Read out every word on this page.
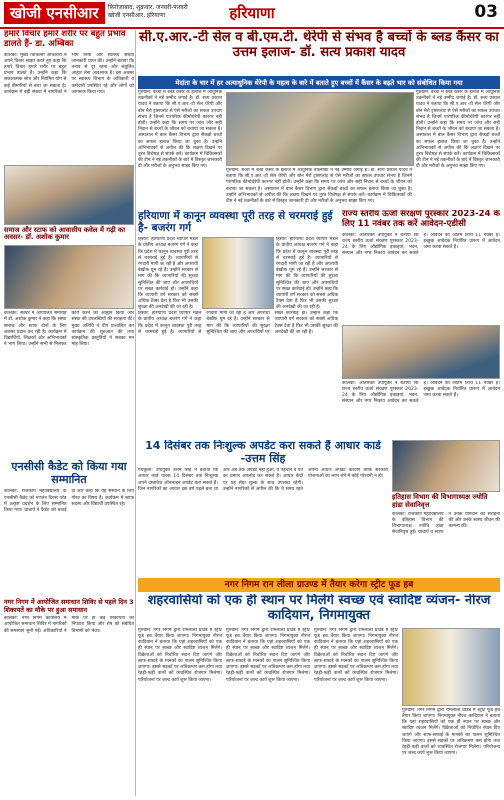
खोजी एनसीआर	फ़िरोज़ाबाद, शुक्रवार, जनवरी-फरवरी
खोजी एनसीआर, हरियाणा	हरियाणा	03
हमारे विचार हमारे शरीर पर बहुत प्रभाव डालते हैं- डा. अम्बिका

कालका: मुख्य चिकित्सा अधिकारी ने अपने विचार साझा करते हुए कहा कि हमारे विचार हमारे शरीर पर बहुत प्रभाव डालते हैं। उन्होंने कहा कि सकारात्मक सोच और नियमित योग से कई बीमारियों से बचा जा सकता है। कार्यक्रम में बड़ी संख्या में नागरिकों ने भाग लिया और स्वास्थ्य संबंधी जानकारी प्राप्त की। उन्होंने बताया कि तनाव से दूर रहना और संतुलित आहार लेना आवश्यक है। इस अवसर पर स्वास्थ्य विभाग के अधिकारी व कर्मचारी उपस्थित रहे और लोगों को जागरूक किया गया।

समाज और स्टाफ को आवासीय कवेल में गढ़ी का अवसर- डॉ. अशोक कुमार

कालका: सेक्टर में आयोजित समारोह में डॉ. अशोक कुमार ने कहा कि संस्था समाज और स्टाफ दोनों के लिए अवसर प्रदान कर रही है। कार्यक्रम में विद्यार्थियों, शिक्षकों और अभिभावकों ने भाग लिया। उन्होंने सभी से मिलकर कार्य करने का आह्वान किया और संस्था की उपलब्धियों की सराहना की। मुख्य अतिथि ने दीप प्रज्वलित कर कार्यक्रम की शुरुआत की तथा सांस्कृतिक प्रस्तुतियों ने सबका मन मोह लिया।

एनसीसी कैडेट को किया गया सम्मानित

कालका: राजकीय महाविद्यालय के एनसीसी कैडेट को गणतंत्र दिवस परेड में उत्कृष्ट प्रदर्शन के लिए सम्मानित किया गया। प्राचार्य ने कैडेट को बधाई दी और कहा कि यह संस्थान के लिए गौरव का विषय है। कार्यक्रम में स्टाफ सदस्य और विद्यार्थी उपस्थित रहे।

नगर निगम में आयोजित समाधान शिविर से पहले दिन 3 शिकायतें का मौके पर हुआ समाधान

कालका: नगर निगम कार्यालय में आयोजित समाधान शिविर में नागरिकों की समस्याएं सुनी गईं। अधिकारियों ने मौके पर ही कई शिकायतों का निपटारा किया और शेष को संबंधित विभागों को भेजा।

सी.ए.आर.-टी सेल व बी.एम.टी. थेरेपी से संभव है बच्चों के ब्लड कैंसर का उत्तम इलाज- डॉ. सत्य प्रकाश यादव
मेदांता के चार में हर अत्याधुनिक थेरेपी के महत्व के बारे में बताते हुए बच्चों में कैंसर के बढ़ते भार को संबोधित किया गया

गुरुग्राम: बच्चों में ब्लड कैंसर के इलाज में आधुनिक तकनीकों ने नई उम्मीद जगाई है। डॉ. सत्य प्रकाश यादव ने बताया कि सी.ए.आर.-टी सेल थेरेपी और बोन मैरो ट्रांसप्लांट से ऐसे मरीजों का सफल उपचार संभव है जिनमें पारंपरिक कीमोथेरेपी कारगर नहीं होती। उन्होंने कहा कि समय पर जांच और सही निदान से बच्चों के जीवन को बचाया जा सकता है। अस्पताल में बाल कैंसर विभाग द्वारा सैकड़ों बच्चों का सफल इलाज किया जा चुका है। उन्होंने अभिभावकों से अपील की कि लक्षण दिखने पर तुरंत विशेषज्ञ से संपर्क करें। कार्यक्रम में चिकित्सकों की टीम ने नई तकनीकों के बारे में विस्तृत जानकारी दी और मरीजों के अनुभव साझा किए गए।

गुरुग्राम: बच्चों में ब्लड कैंसर के इलाज में आधुनिक तकनीकों ने नई उम्मीद जगाई है। डॉ. सत्य प्रकाश यादव ने बताया कि सी.ए.आर.-टी सेल थेरेपी और बोन मैरो ट्रांसप्लांट से ऐसे मरीजों का सफल उपचार संभव है जिनमें पारंपरिक कीमोथेरेपी कारगर नहीं होती। उन्होंने कहा कि समय पर जांच और सही निदान से बच्चों के जीवन को बचाया जा सकता है। अस्पताल में बाल कैंसर विभाग द्वारा सैकड़ों बच्चों का सफल इलाज किया जा चुका है। उन्होंने अभिभावकों से अपील की कि लक्षण दिखने पर तुरंत विशेषज्ञ से संपर्क करें। कार्यक्रम में चिकित्सकों की टीम ने नई तकनीकों के बारे में विस्तृत जानकारी दी और मरीजों के अनुभव साझा किए गए।

गुरुग्राम: बच्चों में ब्लड कैंसर के इलाज में आधुनिक तकनीकों ने नई उम्मीद जगाई है। डॉ. सत्य प्रकाश यादव ने बताया कि सी.ए.आर.-टी सेल थेरेपी और बोन मैरो ट्रांसप्लांट से ऐसे मरीजों का सफल उपचार संभव है जिनमें पारंपरिक कीमोथेरेपी कारगर नहीं होती। उन्होंने कहा कि समय पर जांच और सही निदान से बच्चों के जीवन को बचाया जा सकता है। अस्पताल में बाल कैंसर विभाग द्वारा सैकड़ों बच्चों का सफल इलाज किया जा चुका है। उन्होंने अभिभावकों से अपील की कि लक्षण दिखने पर तुरंत विशेषज्ञ से संपर्क करें। कार्यक्रम में चिकित्सकों की टीम ने नई तकनीकों के बारे में विस्तृत जानकारी दी और मरीजों के अनुभव साझा किए गए।

हरियाणा में कानून व्यवस्था पूरी तरह से चरमराई हुई है- बजरंग गर्ग

हिसार: हरियाणा प्रदेश व्यापार मंडल के प्रांतीय अध्यक्ष बजरंग गर्ग ने कहा कि प्रदेश में कानून व्यवस्था पूरी तरह से चरमराई हुई है। व्यापारियों से रंगदारी मांगी जा रही है और अपराधी बेखौफ घूम रहे हैं। उन्होंने सरकार से मांग की कि व्यापारियों की सुरक्षा सुनिश्चित की जाए और अपराधियों पर सख्त कार्रवाई हो। उन्होंने कहा कि व्यापारी वर्ग सरकार को सबसे अधिक टैक्स देता है फिर भी उसकी सुरक्षा की अनदेखी की जा रही है।

हिसार: हरियाणा प्रदेश व्यापार मंडल के प्रांतीय अध्यक्ष बजरंग गर्ग ने कहा कि प्रदेश में कानून व्यवस्था पूरी तरह से चरमराई हुई है। व्यापारियों से रंगदारी मांगी जा रही है और अपराधी बेखौफ घूम रहे हैं। उन्होंने सरकार से मांग की कि व्यापारियों की सुरक्षा सुनिश्चित की जाए और अपराधियों पर सख्त कार्रवाई हो। उन्होंने कहा कि व्यापारी वर्ग सरकार को सबसे अधिक टैक्स देता है फिर भी उसकी सुरक्षा की अनदेखी की जा रही है।

हिसार: हरियाणा प्रदेश व्यापार मंडल के प्रांतीय अध्यक्ष बजरंग गर्ग ने कहा कि प्रदेश में कानून व्यवस्था पूरी तरह से चरमराई हुई है। व्यापारियों से रंगदारी मांगी जा रही है और अपराधी बेखौफ घूम रहे हैं। उन्होंने सरकार से मांग की कि व्यापारियों की सुरक्षा सुनिश्चित की जाए और अपराधियों पर सख्त कार्रवाई हो। उन्होंने कहा कि व्यापारी वर्ग सरकार को सबसे अधिक टैक्स देता है फिर भी उसकी सुरक्षा की अनदेखी की जा रही है।

राज्य स्तरीय ऊर्जा संरक्षण पुरस्कार 2023-24 के लिए 11 नवंबर तक करें आवेदन-एडीसी

कालका: अतिरिक्त उपायुक्त ने बताया कि राज्य स्तरीय ऊर्जा संरक्षण पुरस्कार 2023-24 के लिए औद्योगिक इकाइयां, भवन, संस्थान और नगर निकाय आवेदन कर सकते हैं। आवेदन की अंतिम तिथि 11 नवंबर है। इच्छुक आवेदक निर्धारित प्रारूप में आवेदन जमा करवा सकते हैं।

कालका: अतिरिक्त उपायुक्त ने बताया कि राज्य स्तरीय ऊर्जा संरक्षण पुरस्कार 2023-24 के लिए औद्योगिक इकाइयां, भवन, संस्थान और नगर निकाय आवेदन कर सकते हैं। आवेदन की अंतिम तिथि 11 नवंबर है। इच्छुक आवेदक निर्धारित प्रारूप में आवेदन जमा करवा सकते हैं।

14 दिसंबर तक निःशुल्क अपडेट करा सकते हैं आधार कार्ड -उत्तम सिंह

पंचकूला: उपायुक्त उत्तम सिंह ने बताया कि आधार कार्ड धारक 14 दिसंबर तक निःशुल्क अपने दस्तावेज ऑनलाइन अपडेट करा सकते हैं। जिन नागरिकों का आधार दस वर्ष पहले बना था और अब तक अपडेट नहीं हुआ, वे पहचान व पते का प्रमाण अपलोड कर सकते हैं। आधार केंद्रों पर यह सेवा शुल्क के साथ उपलब्ध रहेगी। उन्होंने नागरिकों से अपील की कि वे समय रहते अपना आधार अपडेट करवाएं ताकि सरकारी योजनाओं का लाभ लेने में कोई परेशानी न हो।

इतिहास विभाग की विभागाध्यक्ष ज्योति हांडा सेवानिवृत्त

कालका: राजकीय महाविद्यालय के इतिहास विभाग की विभागाध्यक्ष ज्योति हांडा सेवानिवृत्त हुईं। प्राचार्य व स्टाफ ने उनके योगदान की सराहना की और उनके स्वस्थ जीवन की कामना की।

नगर निगम रान लीला ग्राउण्ड में तैयार करेगा स्ट्रीट फूड हब
शहरवासियों को एक ही स्थान पर मिलेंगे स्वच्छ एवं स्वादिष्ट व्यंजन- नीरज कादियान, निगमायुक्त

गुरुग्राम: नगर निगम द्वारा रामलीला ग्राउंड में स्ट्रीट फूड हब तैयार किया जाएगा। निगमायुक्त नीरज कादियान ने बताया कि यहां शहरवासियों को एक ही स्थान पर स्वच्छ और स्वादिष्ट व्यंजन मिलेंगे। विक्रेताओं को निर्धारित स्थान दिए जाएंगे और साफ-सफाई के मानकों का पालन सुनिश्चित किया जाएगा। इससे सड़कों पर अतिक्रमण कम होगा तथा रेहड़ी-फड़ी वालों को व्यवस्थित रोजगार मिलेगा। परियोजना पर जल्द कार्य शुरू किया जाएगा।

गुरुग्राम: नगर निगम द्वारा रामलीला ग्राउंड में स्ट्रीट फूड हब तैयार किया जाएगा। निगमायुक्त नीरज कादियान ने बताया कि यहां शहरवासियों को एक ही स्थान पर स्वच्छ और स्वादिष्ट व्यंजन मिलेंगे। विक्रेताओं को निर्धारित स्थान दिए जाएंगे और साफ-सफाई के मानकों का पालन सुनिश्चित किया जाएगा। इससे सड़कों पर अतिक्रमण कम होगा तथा रेहड़ी-फड़ी वालों को व्यवस्थित रोजगार मिलेगा। परियोजना पर जल्द कार्य शुरू किया जाएगा।

गुरुग्राम: नगर निगम द्वारा रामलीला ग्राउंड में स्ट्रीट फूड हब तैयार किया जाएगा। निगमायुक्त नीरज कादियान ने बताया कि यहां शहरवासियों को एक ही स्थान पर स्वच्छ और स्वादिष्ट व्यंजन मिलेंगे। विक्रेताओं को निर्धारित स्थान दिए जाएंगे और साफ-सफाई के मानकों का पालन सुनिश्चित किया जाएगा। इससे सड़कों पर अतिक्रमण कम होगा तथा रेहड़ी-फड़ी वालों को व्यवस्थित रोजगार मिलेगा। परियोजना पर जल्द कार्य शुरू किया जाएगा।

गुरुग्राम: नगर निगम द्वारा रामलीला ग्राउंड में स्ट्रीट फूड हब तैयार किया जाएगा। निगमायुक्त नीरज कादियान ने बताया कि यहां शहरवासियों को एक ही स्थान पर स्वच्छ और स्वादिष्ट व्यंजन मिलेंगे। विक्रेताओं को निर्धारित स्थान दिए जाएंगे और साफ-सफाई के मानकों का पालन सुनिश्चित किया जाएगा। इससे सड़कों पर अतिक्रमण कम होगा तथा रेहड़ी-फड़ी वालों को व्यवस्थित रोजगार मिलेगा। परियोजना पर जल्द कार्य शुरू किया जाएगा।
